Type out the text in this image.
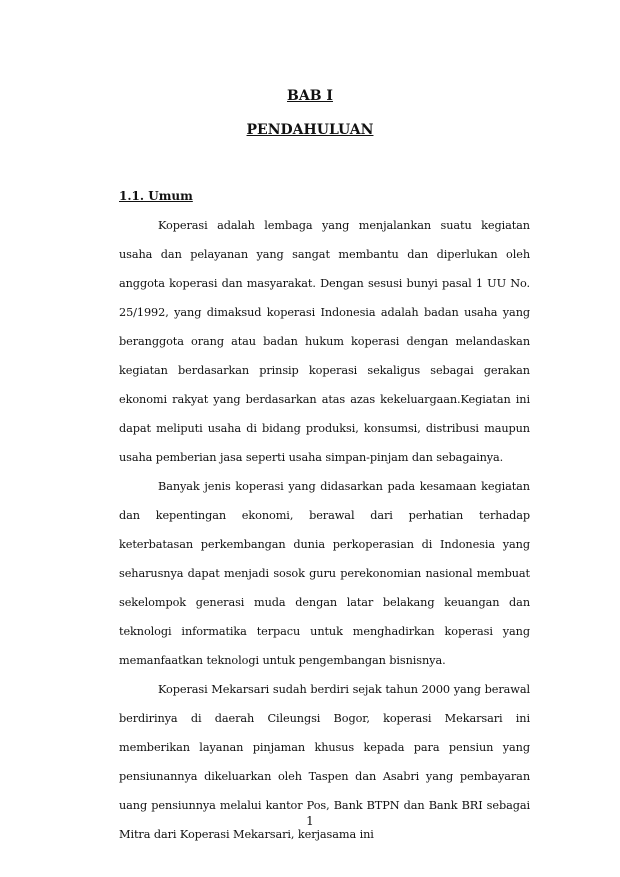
BAB I
PENDAHULUAN
1.1. Umum

Koperasi adalah lembaga yang menjalankan suatu kegiatan usaha dan pelayanan yang sangat membantu dan diperlukan oleh anggota koperasi dan masyarakat. Dengan sesusi bunyi pasal 1 UU No. 25/1992, yang dimaksud koperasi Indonesia adalah badan usaha yang beranggota orang atau badan hukum koperasi dengan melandaskan kegiatan berdasarkan prinsip koperasi sekaligus sebagai gerakan ekonomi rakyat yang berdasarkan atas azas kekeluargaan.Kegiatan ini dapat meliputi usaha di bidang produksi, konsumsi, distribusi maupun usaha pemberian jasa seperti usaha simpan-pinjam dan sebagainya.

Banyak jenis koperasi yang didasarkan pada kesamaan kegiatan dan kepentingan ekonomi, berawal dari perhatian terhadap keterbatasan perkembangan dunia perkoperasian di Indonesia yang seharusnya dapat menjadi sosok guru perekonomian nasional membuat sekelompok generasi muda dengan latar belakang keuangan dan teknologi informatika terpacu untuk menghadirkan koperasi yang memanfaatkan teknologi untuk pengembangan bisnisnya.

Koperasi Mekarsari sudah berdiri sejak tahun 2000 yang berawal berdirinya di daerah Cileungsi Bogor, koperasi Mekarsari ini memberikan layanan pinjaman khusus kepada para pensiun yang pensiunannya dikeluarkan oleh Taspen dan Asabri yang pembayaran uang pensiunnya melalui kantor Pos, Bank BTPN dan Bank BRI sebagai Mitra dari Koperasi Mekarsari, kerjasama ini

1
